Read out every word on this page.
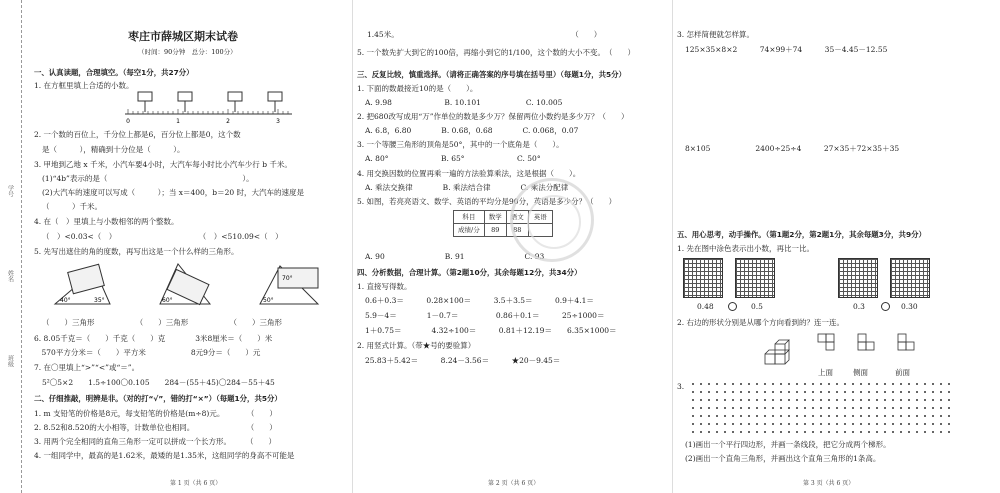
学号
姓名
班级
枣庄市薛城区期末试卷
（时间：90分钟　总分：100分）
一、认真读题，合理填空。（每空1分，共27分）
1. 在方框里填上合适的小数。
0	1	2	3
2. 一个数的百位上，千分位上都是6，百分位上都是0，这个数
是（　　　），精确到十分位是（　　　）。
3. 甲地到乙地 x 千米，小汽车要4小时，大汽车每小时比小汽车少行 b 千米。
(1)“4b”表示的是（　　　　　　　　　　　　　　　　　　）。
(2)大汽车的速度可以写成（　　　）；当 x＝400，b＝20 时，大汽车的速度是
（　　　）千米。
4. 在（　）里填上与小数相邻的两个整数。
（　）<0.03<（　）　　　　　　　　　　　　（　）<510.09<（　）
5. 先写出遮住的角的度数，再写出这是一个什么样的三角形。
40°	35°	60°	50°
70°
（　　）三角形　　　　　　（　　）三角形　　　　　　（　　）三角形
6. 8.05千克＝（　　）千克（　　）克　　　　3米8厘米＝（　　）米
　570平方分米＝（　　）平方米　　　　　　8元9分＝（　　）元
7. 在〇里填上“>”“<”或“＝”。
5²〇5×2　　1.5÷100〇0.105　　284－(55＋45)〇284－55＋45
二、仔细推敲，明辨是非。（对的打“√”，错的打“×”）（每题1分，共5分）
1. m 支铅笔的价格是8元，每支铅笔的价格是(m÷8)元。　　　　（　　）
2. 8.52和8.520的大小相等，计数单位也相同。　　　　　　　　（　　）
3. 用两个完全相同的直角三角形一定可以拼成一个长方形。　　　（　　）
4. 一组同学中，最高的是1.62米，最矮的是1.35米，这组同学的身高不可能是
第 1 页（共 6 页）
1.45米。　　　　　　　　　　　　　　　　　　　　　　　　（　　）
5. 一个数先扩大到它的100倍，再缩小到它的1/100，这个数的大小不变。　（　　）
三、反复比较，慎重选择。（请将正确答案的序号填在括号里）（每题1分，共5分）
1. 下面的数最接近10的是（　　）。
A. 9.98　　　　　　　B. 10.101　　　　　　C. 10.005
2. 把680改写成用“万”作单位的数是多少万？保留两位小数约是多少万？（　　）
A. 6.8，6.80　　　　B. 0.68，0.68　　　　C. 0.068，0.07
3. 一个等腰三角形的顶角是50°，其中的一个底角是（　　）。
A. 80°　　　　　　　B. 65°　　　　　　　C. 50°
4. 用交换因数的位置再乘一遍的方法验算乘法，这是根据（　　）。
A. 乘法交换律　　　　B. 乘法结合律　　　　C. 乘法分配律
5. 如图，若亮亮语文、数学、英语的平均分是90分，英语是多少分？（　　）
科目	数学	语文	英语
成绩/分	89	88	
A. 90　　　　　　　　B. 91　　　　　　　　C. 93
四、分析数据，合理计算。（第2题10分，其余每题12分，共34分）
1. 直接写得数。
0.6＋0.3＝　　　0.28×100＝　　　3.5＋3.5＝　　　0.9＋4.1＝
5.9－4＝　　　　1－0.7＝　　　　　0.86＋0.1＝　　　25÷1000＝
1＋0.75＝　　　　4.32÷100＝　　　0.81＋12.19＝　　6.35×1000＝
2. 用竖式计算。（带★号的要验算）
25.83＋5.42＝　　　8.24－3.56＝　　　★20－9.45＝
第 2 页（共 6 页）
3. 怎样简便就怎样算。
125×35×8×2　　　74×99＋74　　　35－4.45－12.55
8×105　　　　　　2400÷25÷4　　　27×35＋72×35＋35
五、用心思考，动手操作。（第1题2分，第2题1分，其余每题3分，共9分）
1. 先在图中涂色表示出小数，再比一比。
0.48	0.5	0.3	0.30
2. 右边的形状分别是从哪个方向看到的？连一连。
上面	侧面	前面
3.
(1)画出一个平行四边形，并画一条线段，把它分成两个梯形。
(2)画出一个直角三角形，并画出这个直角三角形的1条高。
第 3 页（共 6 页）
